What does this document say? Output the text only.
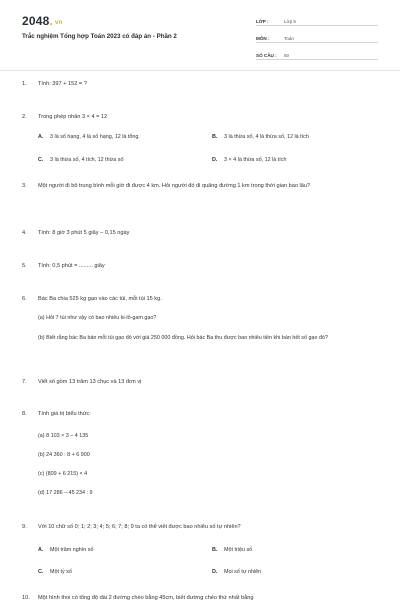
2048. vn
Trắc nghiệm Tổng hợp Toán 2023 có đáp án - Phần 2
LỚP :	Lớp 5
MÔN :	Toán
SỐ CÂU :	50
1.	Tính: 397 + 152 = ?
2.	Trong phép nhân 3 × 4 = 12
A. 3 là số hạng, 4 là số hạng, 12 là tổng.	B. 3 là thừa số, 4 là thừa số, 12 là tích
C. 3 là thừa số, 4 tích, 12 thừa số	D. 3 × 4 là thừa số, 12 là tích
3.	Một người đi bộ trung bình mỗi giờ đi được 4 km. Hỏi người đó đi quãng đường 1 km trong thời gian bao lâu?
4.	Tính: 8 giờ 3 phút 5 giây – 0,15 ngày
5.	Tính: 0,5 phút = ......... giây
6.	Bác Ba chia 525 kg gạo vào các túi, mỗi túi 15 kg.
(a) Hỏi 7 túi như vậy có bao nhiêu ki-lô-gam gạo?
(b) Biết rằng bác Ba bán mỗi túi gạo đó với giá 250 000 đồng. Hỏi bác Ba thu được bao nhiêu tiền khi bán hết số gạo đó?
7.	Viết số gồm 13 trăm 13 chục và 13 đơn vị
8.	Tính giá trị biểu thức:
(a) 8 103 × 3 – 4 135
(b) 24 360 : 8 + 6 900
(c) (809 + 6 215) × 4
(d) 17 286 – 45 234 : 9
9.	Với 10 chữ số 0; 1; 2; 3; 4; 5; 6; 7; 8; 9 ta có thể viết được bao nhiêu số tự nhiên?
A. Một trăm nghìn số	B. Một triệu số
C. Một tỷ số	D. Mọi số tự nhiên
10.	Một hình thoi có tổng độ dài 2 đường chéo bằng 45cm, biết đường chéo thứ nhất bằng
